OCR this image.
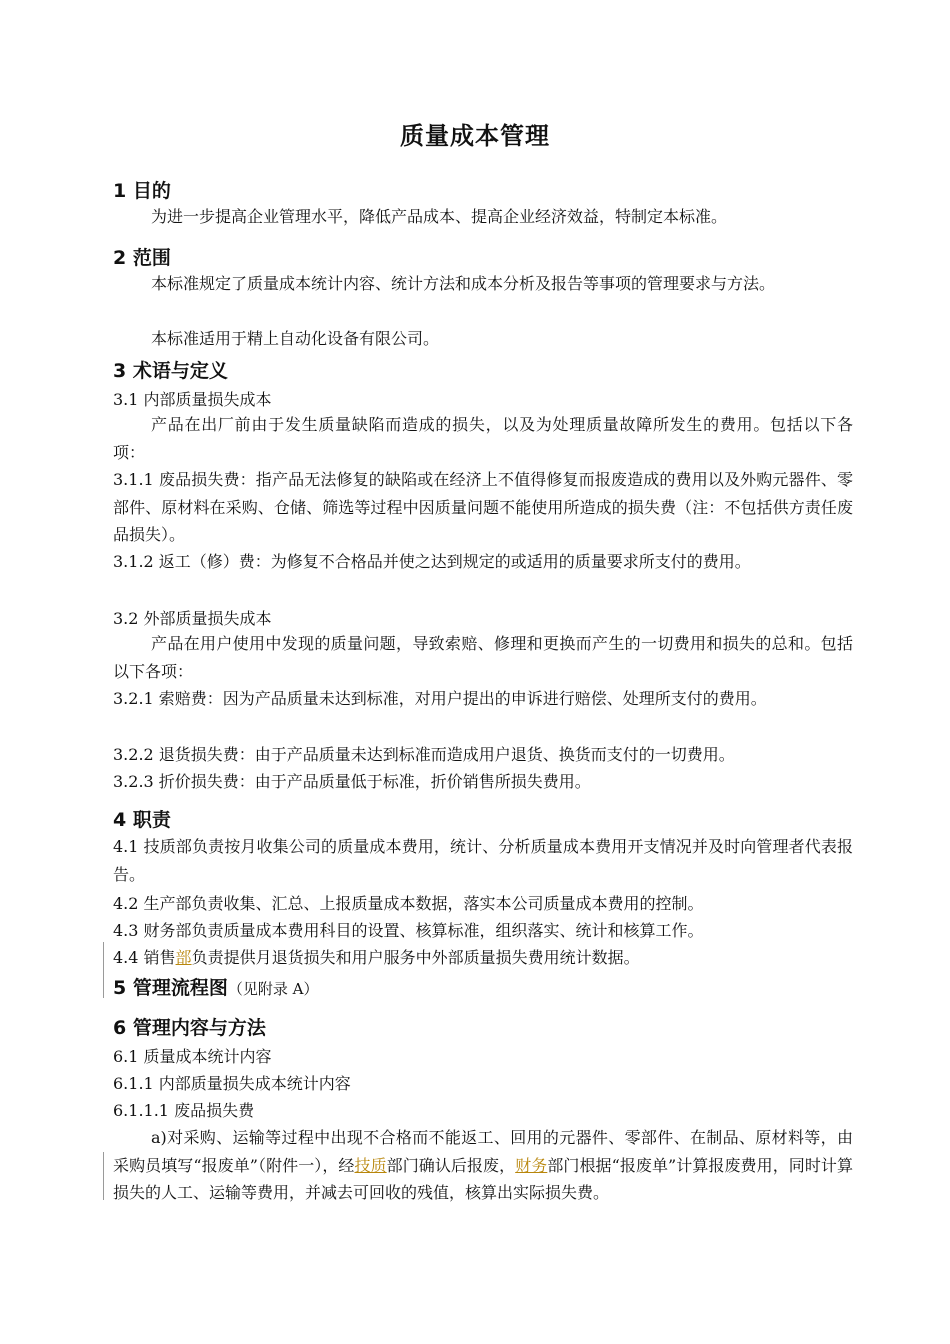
质量成本管理
1 目的
为进一步提高企业管理水平，降低产品成本、提高企业经济效益，特制定本标准。
2 范围
本标准规定了质量成本统计内容、统计方法和成本分析及报告等事项的管理要求与方法。
本标准适用于精上自动化设备有限公司。
3 术语与定义
3.1 内部质量损失成本
产品在出厂前由于发生质量缺陷而造成的损失，以及为处理质量故障所发生的费用。包括以下各项：
3.1.1 废品损失费：指产品无法修复的缺陷或在经济上不值得修复而报废造成的费用以及外购元器件、零部件、原材料在采购、仓储、筛选等过程中因质量问题不能使用所造成的损失费（注：不包括供方责任废品损失）。
3.1.2 返工（修）费：为修复不合格品并使之达到规定的或适用的质量要求所支付的费用。
3.2 外部质量损失成本
产品在用户使用中发现的质量问题，导致索赔、修理和更换而产生的一切费用和损失的总和。包括以下各项：
3.2.1 索赔费：因为产品质量未达到标准，对用户提出的申诉进行赔偿、处理所支付的费用。
3.2.2 退货损失费：由于产品质量未达到标准而造成用户退货、换货而支付的一切费用。
3.2.3 折价损失费：由于产品质量低于标准，折价销售所损失费用。
4 职责
4.1 技质部负责按月收集公司的质量成本费用，统计、分析质量成本费用开支情况并及时向管理者代表报告。
4.2 生产部负责收集、汇总、上报质量成本数据，落实本公司质量成本费用的控制。
4.3 财务部负责质量成本费用科目的设置、核算标准，组织落实、统计和核算工作。
4.4 销售部负责提供月退货损失和用户服务中外部质量损失费用统计数据。
5 管理流程图（见附录 A）
6 管理内容与方法
6.1 质量成本统计内容
6.1.1 内部质量损失成本统计内容
6.1.1.1 废品损失费
a)对采购、运输等过程中出现不合格而不能返工、回用的元器件、零部件、在制品、原材料等，由采购员填写“报废单”（附件一），经技质部门确认后报废，财务部门根据“报废单”计算报废费用，同时计算损失的人工、运输等费用，并减去可回收的残值，核算出实际损失费。
